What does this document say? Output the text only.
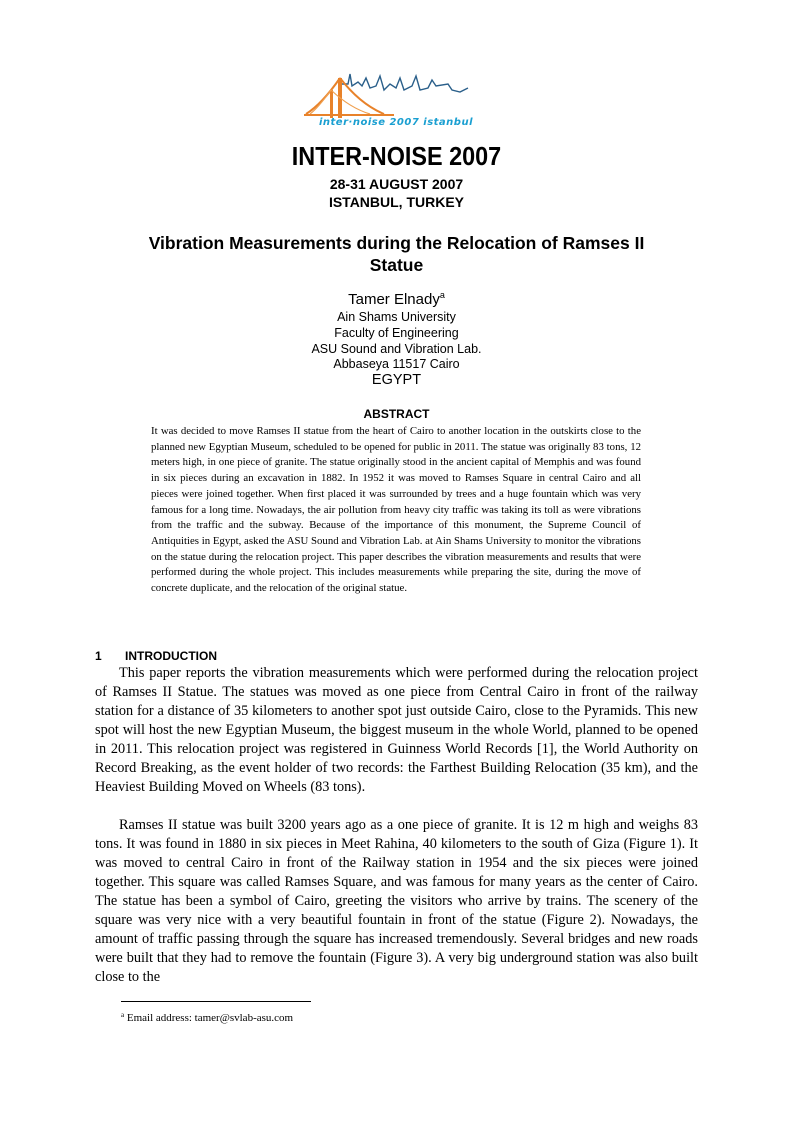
inter·noise 2007 istanbul
INTER-NOISE 2007
28-31 AUGUST 2007
ISTANBUL, TURKEY
Vibration Measurements during the Relocation of Ramses II Statue
Tamer Elnady$^a$
Ain Shams University
Faculty of Engineering
ASU Sound and Vibration Lab.
Abbaseya 11517 Cairo
EGYPT
ABSTRACT

It was decided to move Ramses II statue from the heart of Cairo to another location in the outskirts close to the planned new Egyptian Museum, scheduled to be opened for public in 2011. The statue was originally 83 tons, 12 meters high, in one piece of granite. The statue originally stood in the ancient capital of Memphis and was found in six pieces during an excavation in 1882. In 1952 it was moved to Ramses Square in central Cairo and all pieces were joined together. When first placed it was surrounded by trees and a huge fountain which was very famous for a long time. Nowadays, the air pollution from heavy city traffic was taking its toll as were vibrations from the traffic and the subway. Because of the importance of this monument, the Supreme Council of Antiquities in Egypt, asked the ASU Sound and Vibration Lab. at Ain Shams University to monitor the vibrations on the statue during the relocation project. This paper describes the vibration measurements and results that were performed during the whole project. This includes measurements while preparing the site, during the move of concrete duplicate, and the relocation of the original statue.

1 INTRODUCTION

This paper reports the vibration measurements which were performed during the relocation project of Ramses II Statue. The statues was moved as one piece from Central Cairo in front of the railway station for a distance of 35 kilometers to another spot just outside Cairo, close to the Pyramids. This new spot will host the new Egyptian Museum, the biggest museum in the whole World, planned to be opened in 2011. This relocation project was registered in Guinness World Records [1], the World Authority on Record Breaking, as the event holder of two records: the Farthest Building Relocation (35 km), and the Heaviest Building Moved on Wheels (83 tons).

Ramses II statue was built 3200 years ago as a one piece of granite. It is 12 m high and weighs 83 tons. It was found in 1880 in six pieces in Meet Rahina, 40 kilometers to the south of Giza (Figure 1). It was moved to central Cairo in front of the Railway station in 1954 and the six pieces were joined together. This square was called Ramses Square, and was famous for many years as the center of Cairo. The statue has been a symbol of Cairo, greeting the visitors who arrive by trains. The scenery of the square was very nice with a very beautiful fountain in front of the statue (Figure 2). Nowadays, the amount of traffic passing through the square has increased tremendously. Several bridges and new roads were built that they had to remove the fountain (Figure 3). A very big underground station was also built close to the

$^a$ Email address: tamer@svlab-asu.com
